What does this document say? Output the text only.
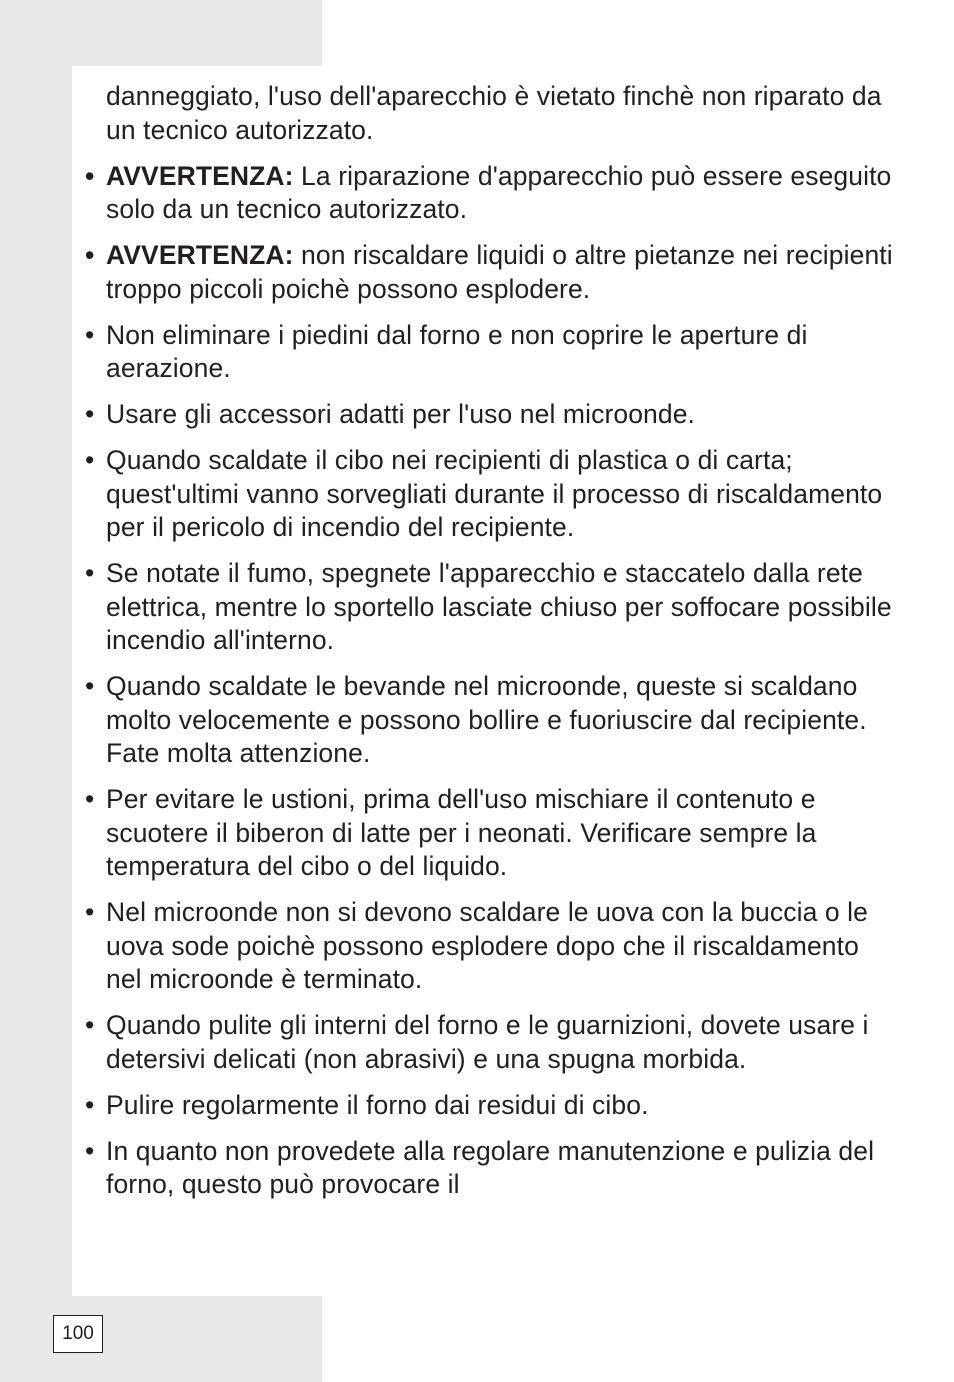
danneggiato, l'uso dell'aparecchio è vietato finchè non riparato da un tecnico autorizzato.

• AVVERTENZA: La riparazione d'apparecchio può essere eseguito solo da un tecnico autorizzato.

• AVVERTENZA: non riscaldare liquidi o altre pietanze nei recipienti troppo piccoli poichè possono esplodere.

• Non eliminare i piedini dal forno e non coprire le aperture di aerazione.

• Usare gli accessori adatti per l'uso nel microonde.

• Quando scaldate il cibo nei recipienti di plastica o di carta; quest'ultimi vanno sorvegliati durante il processo di riscaldamento per il pericolo di incendio del recipiente.

• Se notate il fumo, spegnete l'apparecchio e staccatelo dalla rete elettrica, mentre lo sportello lasciate chiuso per soffocare possibile incendio all'interno.

• Quando scaldate le bevande nel microonde, queste si scaldano molto velocemente e possono bollire e fuoriuscire dal recipiente. Fate molta attenzione.

• Per evitare le ustioni, prima dell'uso mischiare il contenuto e scuotere il biberon di latte per i neonati. Verificare sempre la temperatura del cibo o del liquido.

• Nel microonde non si devono scaldare le uova con la buccia o le uova sode poichè possono esplodere dopo che il riscaldamento nel microonde è terminato.

• Quando pulite gli interni del forno e le guarnizioni, dovete usare i detersivi delicati (non abrasivi) e una spugna morbida.

• Pulire regolarmente il forno dai residui di cibo.

• In quanto non provedete alla regolare manutenzione e pulizia del forno, questo può provocare il

100
